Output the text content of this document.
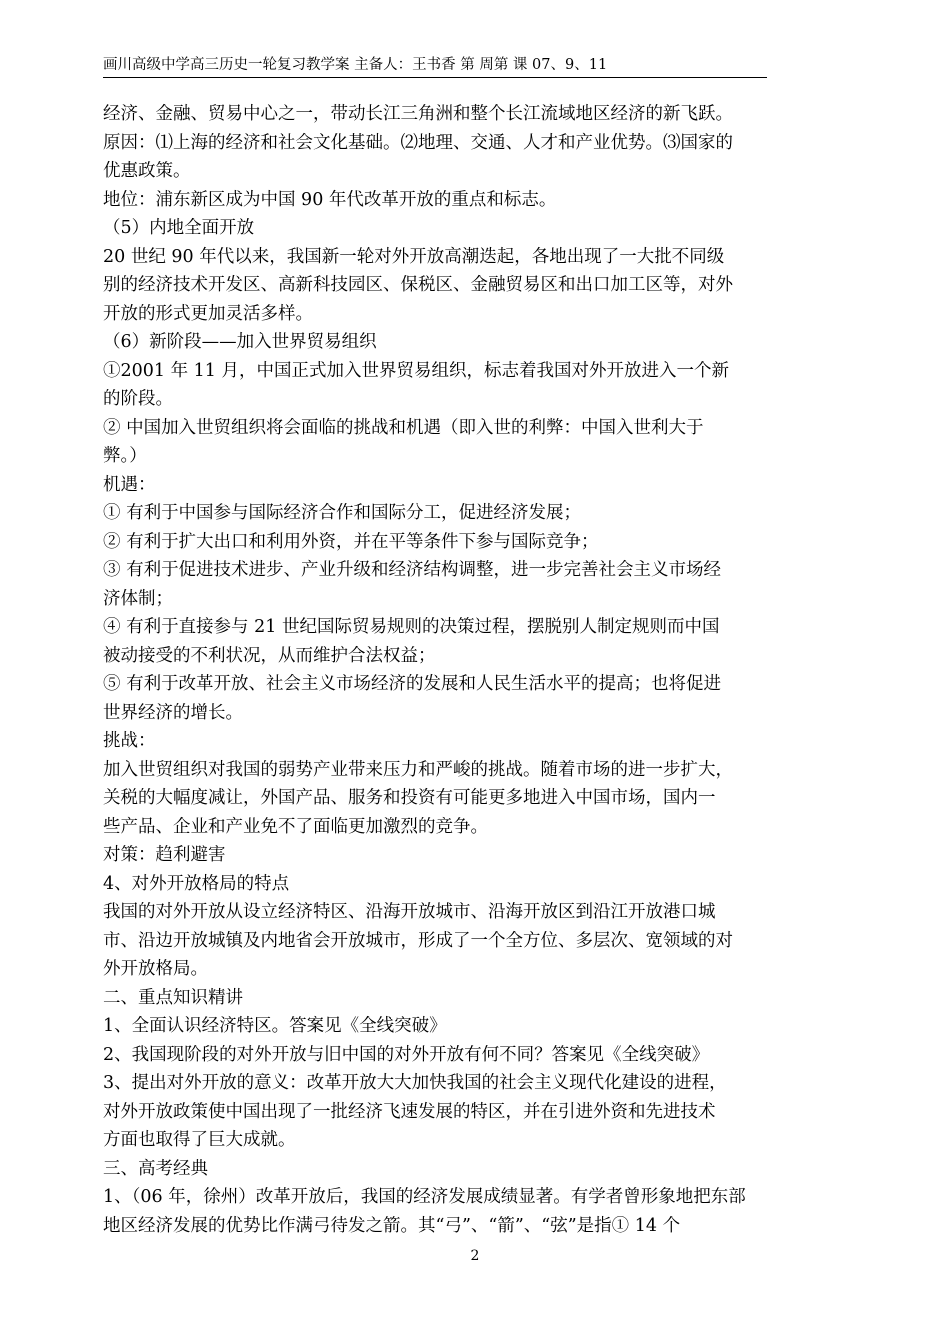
画川高级中学高三历史一轮复习教学案 主备人：王书香 第 周第 课 07、9、11
经济、金融、贸易中心之一，带动长江三角洲和整个长江流域地区经济的新飞跃。
原因：⑴上海的经济和社会文化基础。⑵地理、交通、人才和产业优势。⑶国家的
优惠政策。
地位：浦东新区成为中国 90 年代改革开放的重点和标志。
（5）内地全面开放
20 世纪 90 年代以来，我国新一轮对外开放高潮迭起，各地出现了一大批不同级
别的经济技术开发区、高新科技园区、保税区、金融贸易区和出口加工区等，对外
开放的形式更加灵活多样。
（6）新阶段——加入世界贸易组织
①2001 年 11 月，中国正式加入世界贸易组织，标志着我国对外开放进入一个新
的阶段。
② 中国加入世贸组织将会面临的挑战和机遇（即入世的利弊：中国入世利大于
弊。）
机遇：
① 有利于中国参与国际经济合作和国际分工，促进经济发展；
② 有利于扩大出口和利用外资，并在平等条件下参与国际竞争；
③ 有利于促进技术进步、产业升级和经济结构调整，进一步完善社会主义市场经
济体制；
④ 有利于直接参与 21 世纪国际贸易规则的决策过程，摆脱别人制定规则而中国
被动接受的不利状况，从而维护合法权益；
⑤ 有利于改革开放、社会主义市场经济的发展和人民生活水平的提高；也将促进
世界经济的增长。
挑战：
加入世贸组织对我国的弱势产业带来压力和严峻的挑战。随着市场的进一步扩大，
关税的大幅度减让，外国产品、服务和投资有可能更多地进入中国市场，国内一
些产品、企业和产业免不了面临更加激烈的竞争。
对策：趋利避害
4、对外开放格局的特点
我国的对外开放从设立经济特区、沿海开放城市、沿海开放区到沿江开放港口城
市、沿边开放城镇及内地省会开放城市，形成了一个全方位、多层次、宽领域的对
外开放格局。
二、重点知识精讲
1、全面认识经济特区。答案见《全线突破》
2、我国现阶段的对外开放与旧中国的对外开放有何不同？答案见《全线突破》
3、提出对外开放的意义：改革开放大大加快我国的社会主义现代化建设的进程，
对外开放政策使中国出现了一批经济飞速发展的特区，并在引进外资和先进技术
方面也取得了巨大成就。
三、高考经典
1、（06 年，徐州）改革开放后，我国的经济发展成绩显著。有学者曾形象地把东部
地区经济发展的优势比作满弓待发之箭。其“弓”、“箭”、“弦”是指① 14 个
2
